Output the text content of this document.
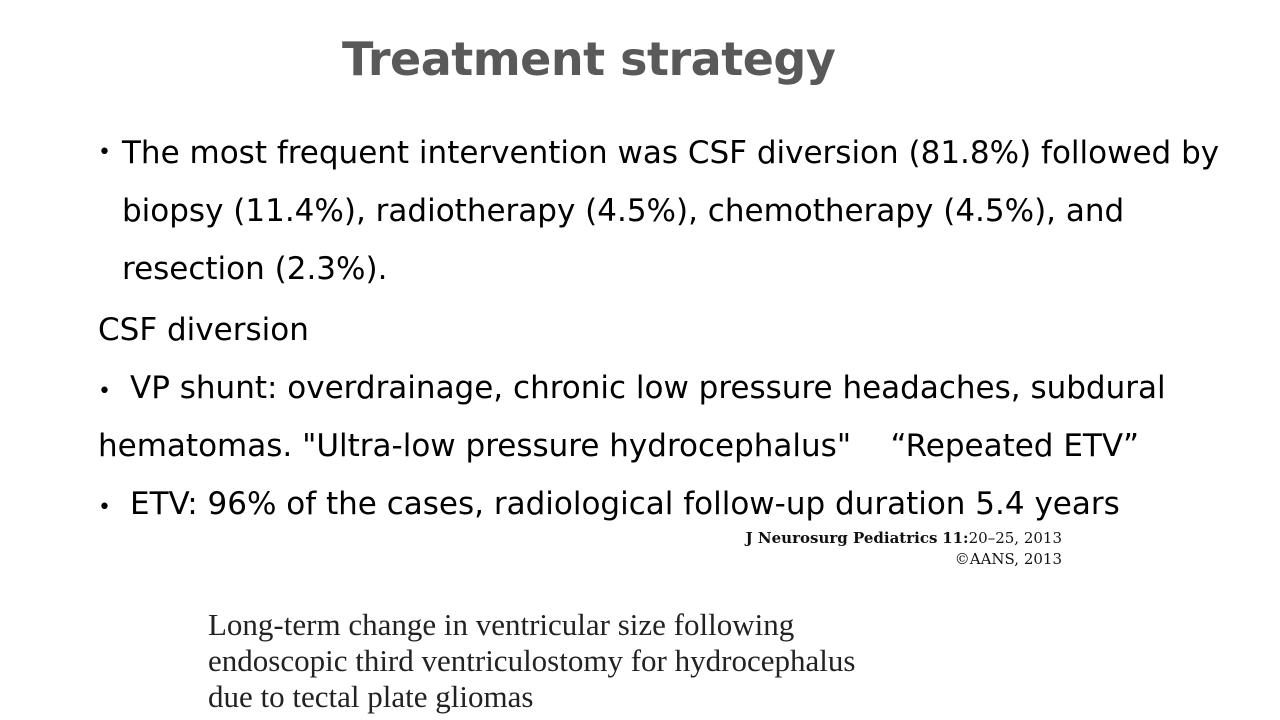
Treatment strategy
• The most frequent intervention was CSF diversion (81.8%) followed by biopsy (11.4%), radiotherapy (4.5%), chemotherapy (4.5%), and resection (2.3%).
CSF diversion
• VP shunt: overdrainage, chronic low pressure headaches, subdural
hematomas. "Ultra-low pressure hydrocephalus"    “Repeated ETV”
• ETV: 96% of the cases, radiological follow-up duration 5.4 years
J Neurosurg Pediatrics 11:20–25, 2013
©AANS, 2013
Long-term change in ventricular size following
endoscopic third ventriculostomy for hydrocephalus
due to tectal plate gliomas
